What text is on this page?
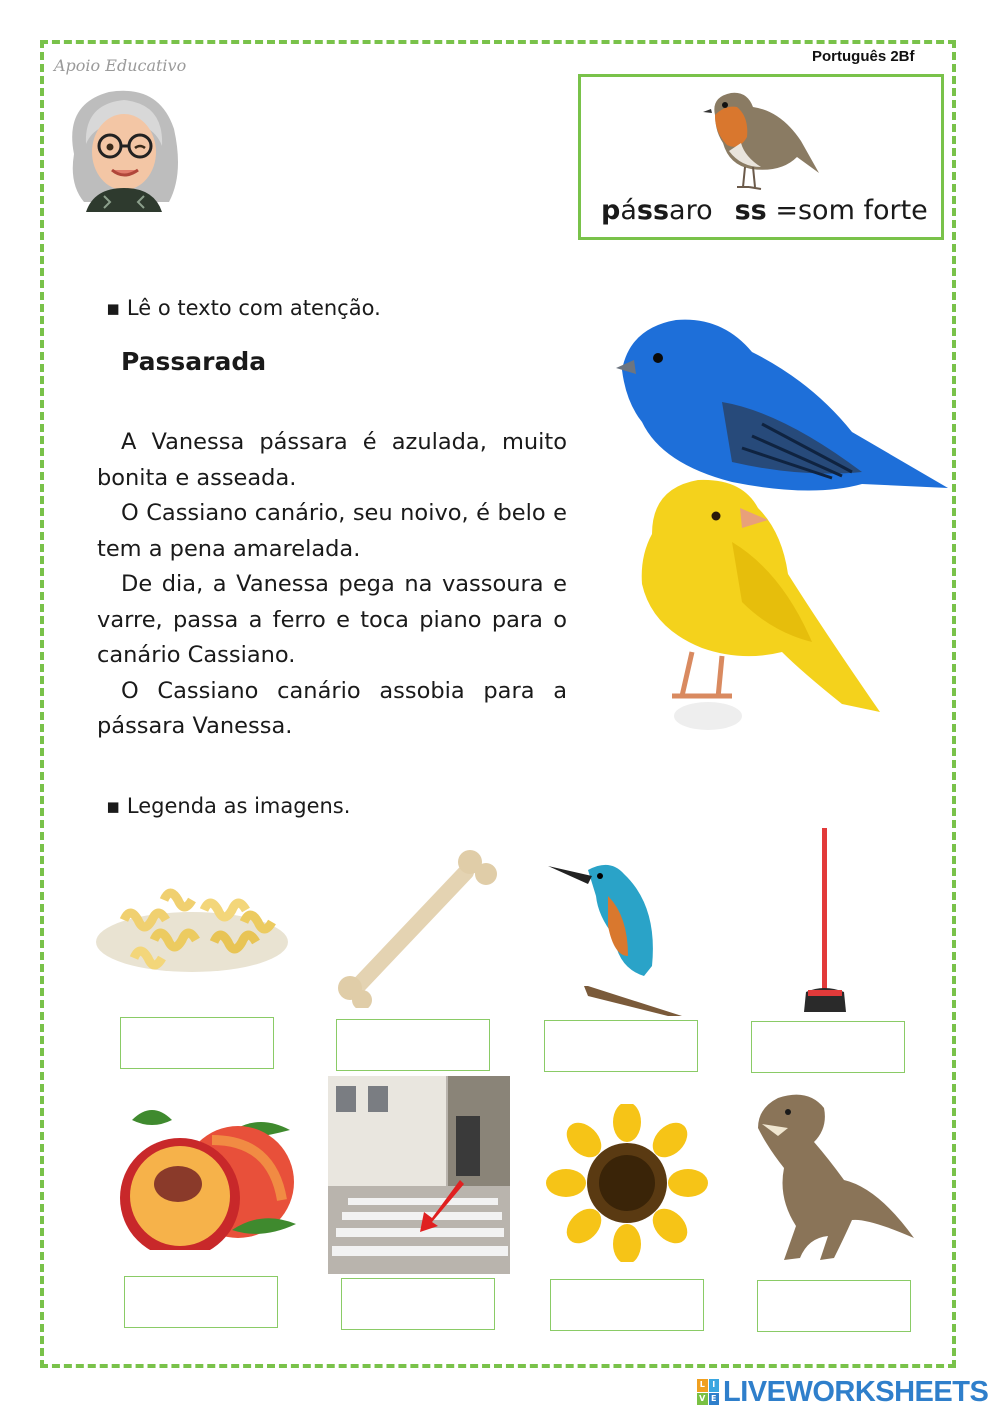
Português 2Bf
Apoio Educativo
pássaro ss =som forte
▪ Lê o texto com atenção.
Passarada

A Vanessa pássara é azulada, muito bonita e asseada.

O Cassiano canário, seu noivo, é belo e tem a pena amarelada.

De dia, a Vanessa pega na vassoura e varre, passa a ferro e toca piano para o canário Cassiano.

O Cassiano canário assobia para a pássara Vanessa.

▪ Legenda as imagens.
L I
V E LIVEWORKSHEETS
